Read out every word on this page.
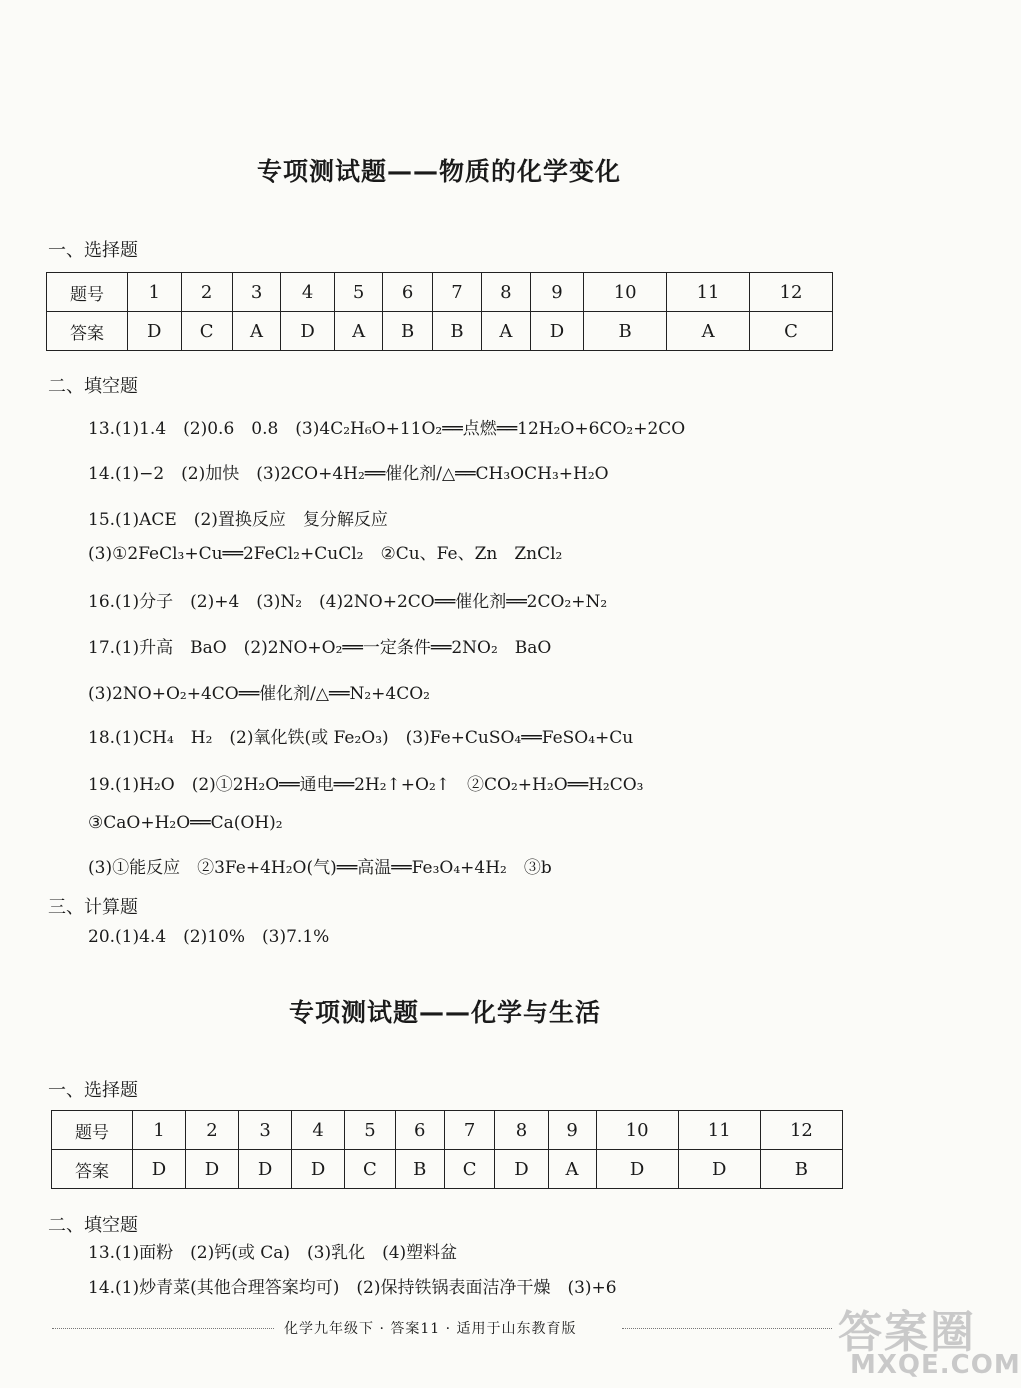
专项测试题——物质的化学变化
一、选择题
题号	1	2	3	4	5	6	7	8	9	10	11	12
答案	D	C	A	D	A	B	B	A	D	B	A	C
二、填空题
13.(1)1.4　(2)0.6　0.8　(3)4C₂H₆O+11O₂══点燃══12H₂O+6CO₂+2CO
14.(1)−2　(2)加快　(3)2CO+4H₂══催化剂/△══CH₃OCH₃+H₂O
15.(1)ACE　(2)置换反应　复分解反应
(3)①2FeCl₃+Cu══2FeCl₂+CuCl₂　②Cu、Fe、Zn　ZnCl₂
16.(1)分子　(2)+4　(3)N₂　(4)2NO+2CO══催化剂══2CO₂+N₂
17.(1)升高　BaO　(2)2NO+O₂══一定条件══2NO₂　BaO
(3)2NO+O₂+4CO══催化剂/△══N₂+4CO₂
18.(1)CH₄　H₂　(2)氧化铁(或 Fe₂O₃)　(3)Fe+CuSO₄══FeSO₄+Cu
19.(1)H₂O　(2)①2H₂O══通电══2H₂↑+O₂↑　②CO₂+H₂O══H₂CO₃
③CaO+H₂O══Ca(OH)₂
(3)①能反应　②3Fe+4H₂O(气)══高温══Fe₃O₄+4H₂　③b
三、计算题
20.(1)4.4　(2)10%　(3)7.1%
专项测试题——化学与生活
一、选择题
题号	1	2	3	4	5	6	7	8	9	10	11	12
答案	D	D	D	D	C	B	C	D	A	D	D	B
二、填空题
13.(1)面粉　(2)钙(或 Ca)　(3)乳化　(4)塑料盆
14.(1)炒青菜(其他合理答案均可)　(2)保持铁锅表面洁净干燥　(3)+6
化学九年级下 · 答案11 · 适用于山东教育版	答案圈
MXQE.COM
